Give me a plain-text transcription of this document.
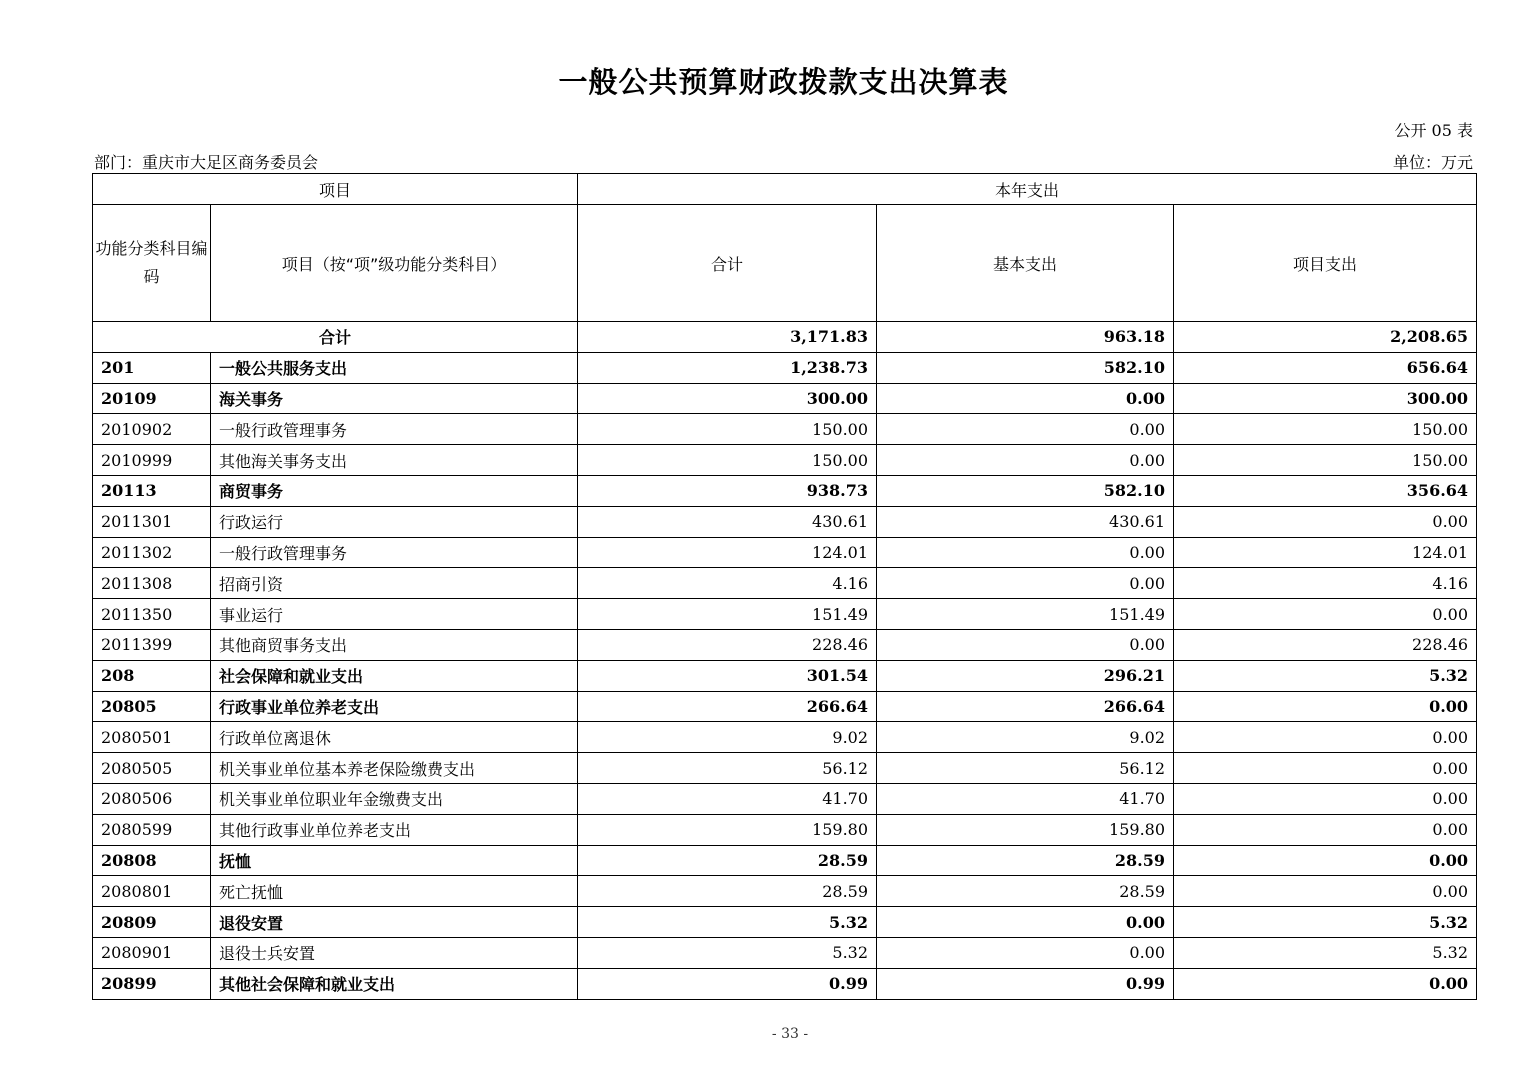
一般公共预算财政拨款支出决算表
公开 05 表
部门：重庆市大足区商务委员会	单位：万元
项目		本年支出		
功能分类科目编码	项目（按“项”级功能分类科目）	合计	基本支出	项目支出
合计		3,171.83	963.18	2,208.65
201	一般公共服务支出	1,238.73	582.10	656.64
20109	海关事务	300.00	0.00	300.00
2010902	一般行政管理事务	150.00	0.00	150.00
2010999	其他海关事务支出	150.00	0.00	150.00
20113	商贸事务	938.73	582.10	356.64
2011301	行政运行	430.61	430.61	0.00
2011302	一般行政管理事务	124.01	0.00	124.01
2011308	招商引资	4.16	0.00	4.16
2011350	事业运行	151.49	151.49	0.00
2011399	其他商贸事务支出	228.46	0.00	228.46
208	社会保障和就业支出	301.54	296.21	5.32
20805	行政事业单位养老支出	266.64	266.64	0.00
2080501	行政单位离退休	9.02	9.02	0.00
2080505	机关事业单位基本养老保险缴费支出	56.12	56.12	0.00
2080506	机关事业单位职业年金缴费支出	41.70	41.70	0.00
2080599	其他行政事业单位养老支出	159.80	159.80	0.00
20808	抚恤	28.59	28.59	0.00
2080801	死亡抚恤	28.59	28.59	0.00
20809	退役安置	5.32	0.00	5.32
2080901	退役士兵安置	5.32	0.00	5.32
20899	其他社会保障和就业支出	0.99	0.99	0.00
- 33 -
